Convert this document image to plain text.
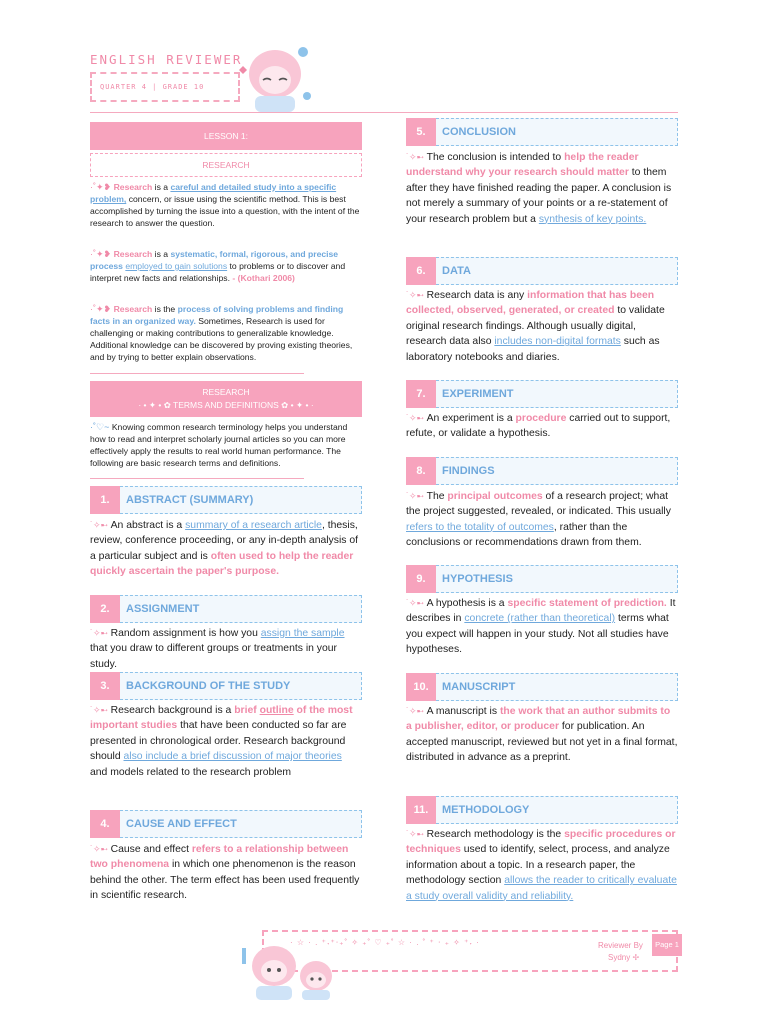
ENGLISH REVIEWER
QUARTER 4 | GRADE 10
LESSON 1:
RESEARCH
·˚✦❥ Research is a careful and detailed study into a specific problem, concern, or issue using the scientific method. This is best accomplished by turning the issue into a question, with the intent of the research to answer the question.
·˚✦❥ Research is a systematic, formal, rigorous, and precise process employed to gain solutions to problems or to discover and interpret new facts and relationships. - (Kothari 2006)
·˚✦❥ Research is the process of solving problems and finding facts in an organized way. Sometimes, Research is used for challenging or making contributions to generalizable knowledge. Additional knowledge can be discovered by proving existing theories, and by trying to better explain observations.
RESEARCH
· • ✦ • ✿ TERMS AND DEFINITIONS ✿ • ✦ • ·
·˚♡~ Knowing common research terminology helps you understand how to read and interpret scholarly journal articles so you can more effectively apply the results to real world human performance. The following are basic research terms and definitions.
1.	ABSTRACT (SUMMARY)
˙✧➸ An abstract is a summary of a research article, thesis, review, conference proceeding, or any in-depth analysis of a particular subject and is often used to help the reader quickly ascertain the paper's purpose.
2.	ASSIGNMENT
˙✧➸ Random assignment is how you assign the sample that you draw to different groups or treatments in your study.
3.	BACKGROUND OF THE STUDY
˙✧➸ Research background is a brief outline of the most important studies that have been conducted so far are presented in chronological order. Research background should also include a brief discussion of major theories and models related to the research problem
4.	CAUSE AND EFFECT
˙✧➸ Cause and effect refers to a relationship between two phenomena in which one phenomenon is the reason behind the other. The term effect has been used frequently in scientific research.
5.	CONCLUSION
˙✧➸ The conclusion is intended to help the reader understand why your research should matter to them after they have finished reading the paper. A conclusion is not merely a summary of your points or a re-statement of your research problem but a synthesis of key points.
6.	DATA
˙✧➸ Research data is any information that has been collected, observed, generated, or created to validate original research findings. Although usually digital, research data also includes non-digital formats such as laboratory notebooks and diaries.
7.	EXPERIMENT
˙✧➸ An experiment is a procedure carried out to support, refute, or validate a hypothesis.
8.	FINDINGS
˙✧➸ The principal outcomes of a research project; what the project suggested, revealed, or indicated. This usually refers to the totality of outcomes, rather than the conclusions or recommendations drawn from them.
9.	HYPOTHESIS
˙✧➸ A hypothesis is a specific statement of prediction. It describes in concrete (rather than theoretical) terms what you expect will happen in your study. Not all studies have hypotheses.
10.	MANUSCRIPT
˙✧➸ A manuscript is the work that an author submits to a publisher, editor, or producer for publication. An accepted manuscript, reviewed but not yet in a final format, distributed in advance as a preprint.
11.	METHODOLOGY
˙✧➸ Research methodology is the specific procedures or techniques used to identify, select, process, and analyze information about a topic. In a research paper, the methodology section allows the reader to critically evaluate a study overall validity and reliability.
· ☆ · . ⁺˖⁺‧₊˚ ✧ ₊˚ ♡ ₊˚ ☆ · . ˚ ⁺ ‧ ₊ ✧ ⁺˖ ·	Reviewer By
Sydny ✢
Page 1
